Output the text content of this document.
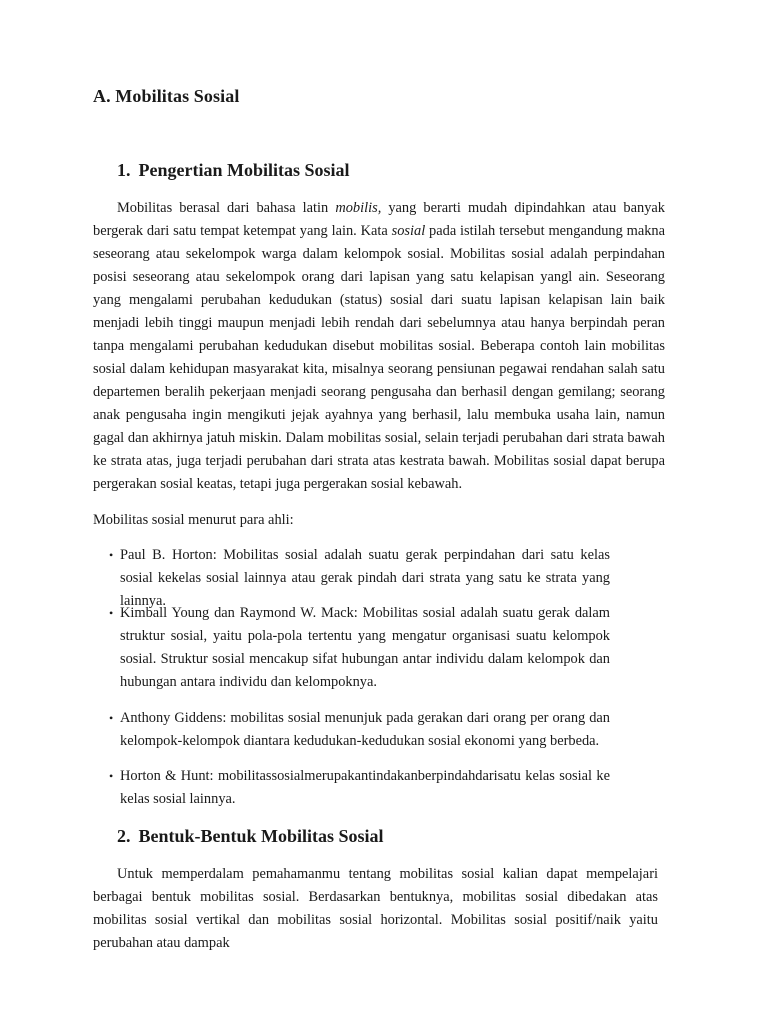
A. Mobilitas Sosial
1. Pengertian Mobilitas Sosial

Mobilitas berasal dari bahasa latin mobilis, yang berarti mudah dipindahkan atau banyak bergerak dari satu tempat ketempat yang lain. Kata sosial pada istilah tersebut mengandung makna seseorang atau sekelompok warga dalam kelompok sosial. Mobilitas sosial adalah perpindahan posisi seseorang atau sekelompok orang dari lapisan yang satu kelapisan yangl ain. Seseorang yang mengalami perubahan kedudukan (status) sosial dari suatu lapisan kelapisan lain baik menjadi lebih tinggi maupun menjadi lebih rendah dari sebelumnya atau hanya berpindah peran tanpa mengalami perubahan kedudukan disebut mobilitas sosial. Beberapa contoh lain mobilitas sosial dalam kehidupan masyarakat kita, misalnya seorang pensiunan pegawai rendahan salah satu departemen beralih pekerjaan menjadi seorang pengusaha dan berhasil dengan gemilang; seorang anak pengusaha ingin mengikuti jejak ayahnya yang berhasil, lalu membuka usaha lain, namun gagal dan akhirnya jatuh miskin. Dalam mobilitas sosial, selain terjadi perubahan dari strata bawah ke strata atas, juga terjadi perubahan dari strata atas kestrata bawah. Mobilitas sosial dapat berupa pergerakan sosial keatas, tetapi juga pergerakan sosial kebawah.

Mobilitas sosial menurut para ahli:

• Paul B. Horton: Mobilitas sosial adalah suatu gerak perpindahan dari satu kelas sosial kekelas sosial lainnya atau gerak pindah dari strata yang satu ke strata yang lainnya.
• Kimball Young dan Raymond W. Mack: Mobilitas sosial adalah suatu gerak dalam struktur sosial, yaitu pola-pola tertentu yang mengatur organisasi suatu kelompok sosial. Struktur sosial mencakup sifat hubungan antar individu dalam kelompok dan hubungan antara individu dan kelompoknya.
• Anthony Giddens: mobilitas sosial menunjuk pada gerakan dari orang per orang dan kelompok-kelompok diantara kedudukan-kedudukan sosial ekonomi yang berbeda.
• Horton & Hunt: mobilitassosialmerupakantindakanberpindahdarisatu kelas sosial ke kelas sosial lainnya.
2. Bentuk-Bentuk Mobilitas Sosial

Untuk memperdalam pemahamanmu tentang mobilitas sosial kalian dapat mempelajari berbagai bentuk mobilitas sosial. Berdasarkan bentuknya, mobilitas sosial dibedakan atas mobilitas sosial vertikal dan mobilitas sosial horizontal. Mobilitas sosial positif/naik yaitu perubahan atau dampak
